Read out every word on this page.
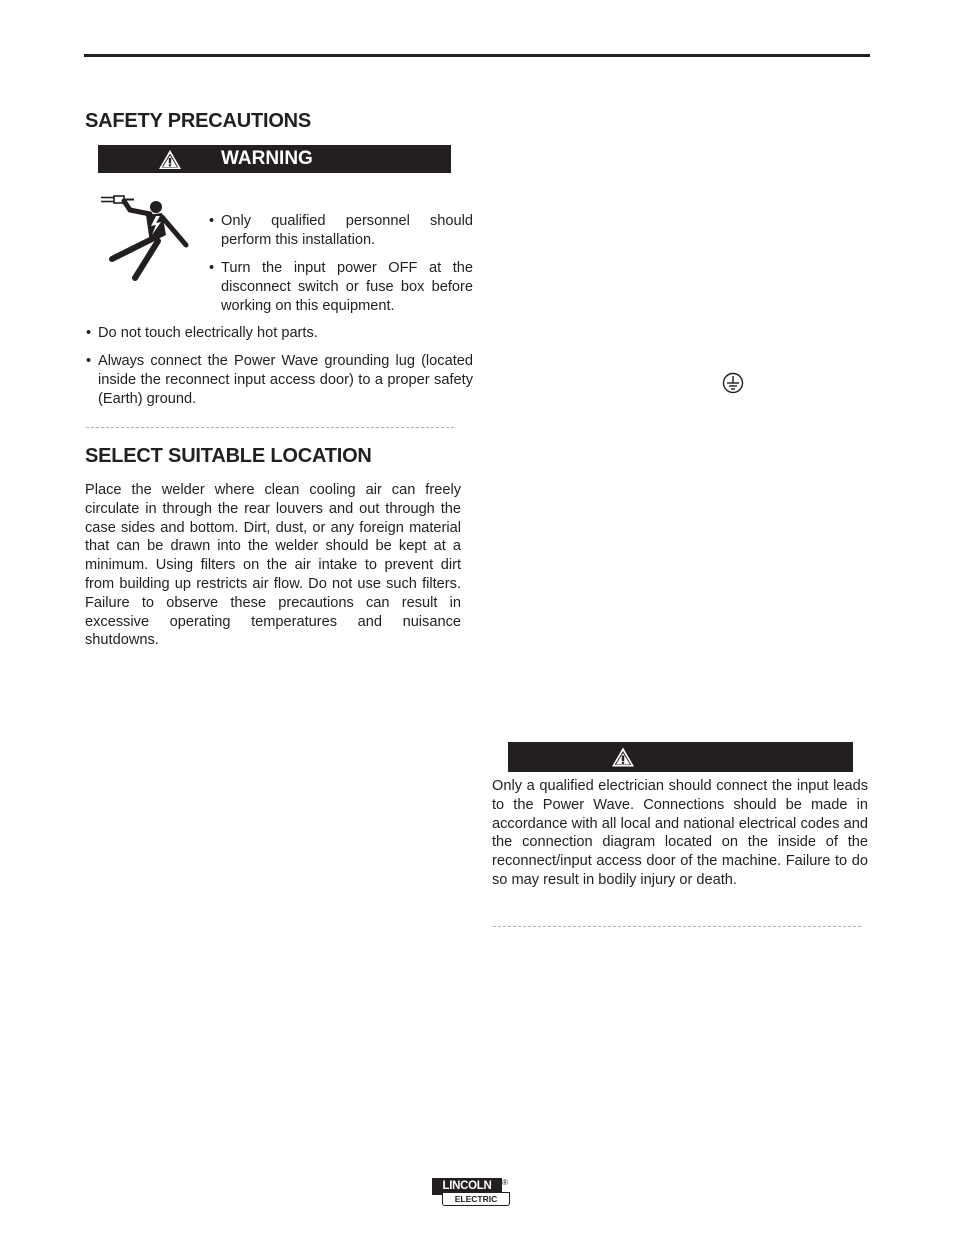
SAFETY PRECAUTIONS
WARNING

• Only qualified personnel should perform this installation.

• Turn the input power OFF at the disconnect switch or fuse box before working on this equipment.

• Do not touch electrically hot parts.

• Always connect the Power Wave grounding lug (located inside the reconnect input access door) to a proper safety (Earth) ground.

SELECT SUITABLE LOCATION

Place the welder where clean cooling air can freely circulate in through the rear louvers and out through the case sides and bottom. Dirt, dust, or any foreign material that can be drawn into the welder should be kept at a minimum. Using filters on the air intake to prevent dirt from building up restricts air flow. Do not use such filters. Failure to observe these precautions can result in excessive operating temperatures and nuisance shutdowns.

Only a qualified electrician should connect the input leads to the Power Wave. Connections should be made in accordance with all local and national electrical codes and the connection diagram located on the inside of the reconnect/input access door of the machine. Failure to do so may result in bodily injury or death.

LINCOLN
ELECTRIC
®
